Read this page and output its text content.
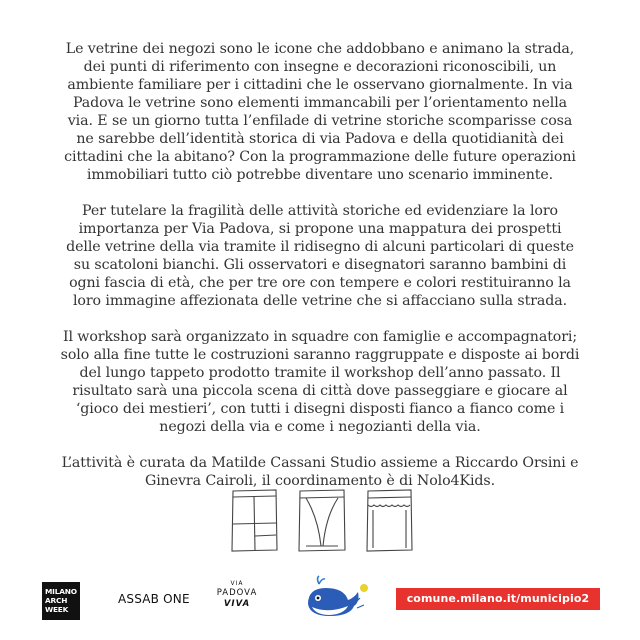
Le vetrine dei negozi sono le icone che addobbano e animano la strada, dei punti di riferimento con insegne e decorazioni riconoscibili, un ambiente familiare per i cittadini che le osservano giornalmente. In via Padova le vetrine sono elementi immancabili per l’orientamento nella via. E se un giorno tutta l’enfilade di vetrine storiche scomparisse cosa ne sarebbe dell’identità storica di via Padova e della quotidianità dei cittadini che la abitano? Con la programmazione delle future operazioni immobiliari tutto ciò potrebbe diventare uno scenario imminente.

Per tutelare la fragilità delle attività storiche ed evidenziare la loro importanza per Via Padova, si propone una mappatura dei prospetti delle vetrine della via tramite il ridisegno di alcuni particolari di queste su scatoloni bianchi. Gli osservatori e disegnatori saranno bambini di ogni fascia di età, che per tre ore con tempere e colori restituiranno la loro immagine affezionata delle vetrine che si affacciano sulla strada.

Il workshop sarà organizzato in squadre con famiglie e accompagnatori; solo alla fine tutte le costruzioni saranno raggruppate e disposte ai bordi del lungo tappeto prodotto tramite il workshop dell’anno passato. Il risultato sarà una piccola scena di città dove passeggiare e giocare al ‘gioco dei mestieri’, con tutti i disegni disposti fianco a fianco come i negozi della via e come i negozianti della via.

L’attività è curata da Matilde Cassani Studio assieme a Riccardo Orsini e Ginevra Cairoli, il coordinamento è di Nolo4Kids.

MILANO
ARCH
WEEK
ASSAB ONE
VIA
PADOVA
VIVA	comune.milano.it/municipio2
